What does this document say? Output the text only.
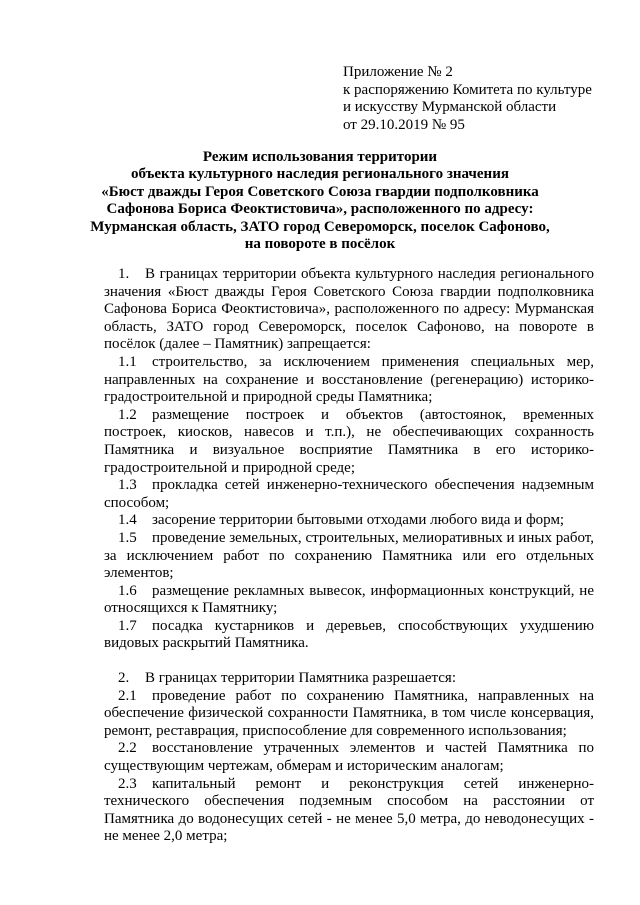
Приложение № 2
к распоряжению Комитета по культуре
и искусству Мурманской области
от 29.10.2019 № 95
Режим использования территории
объекта культурного наследия регионального значения
«Бюст дважды Героя Советского Союза гвардии подполковника
Сафонова Бориса Феоктистовича», расположенного по адресу:
Мурманская область, ЗАТО город Североморск, поселок Сафоново,
на повороте в посёлок
1. В границах территории объекта культурного наследия регионального значения «Бюст дважды Героя Советского Союза гвардии подполковника Сафонова Бориса Феоктистовича», расположенного по адресу: Мурманская область, ЗАТО город Североморск, поселок Сафоново, на повороте в посёлок (далее – Памятник) запрещается:
1.1 строительство, за исключением применения специальных мер, направленных на сохранение и восстановление (регенерацию) историко-градостроительной и природной среды Памятника;
1.2 размещение построек и объектов (автостоянок, временных построек, киосков, навесов и т.п.), не обеспечивающих сохранность Памятника и визуальное восприятие Памятника в его историко-градостроительной и природной среде;
1.3 прокладка сетей инженерно-технического обеспечения надземным способом;
1.4 засорение территории бытовыми отходами любого вида и форм;
1.5 проведение земельных, строительных, мелиоративных и иных работ, за исключением работ по сохранению Памятника или его отдельных элементов;
1.6 размещение рекламных вывесок, информационных конструкций, не относящихся к Памятнику;
1.7 посадка кустарников и деревьев, способствующих ухудшению видовых раскрытий Памятника.
2. В границах территории Памятника разрешается:
2.1 проведение работ по сохранению Памятника, направленных на обеспечение физической сохранности Памятника, в том числе консервация, ремонт, реставрация, приспособление для современного использования;
2.2 восстановление утраченных элементов и частей Памятника по существующим чертежам, обмерам и историческим аналогам;
2.3 капитальный ремонт и реконструкция сетей инженерно-технического обеспечения подземным способом на расстоянии от Памятника до водонесущих сетей - не менее 5,0 метра, до неводонесущих - не менее 2,0 метра;
